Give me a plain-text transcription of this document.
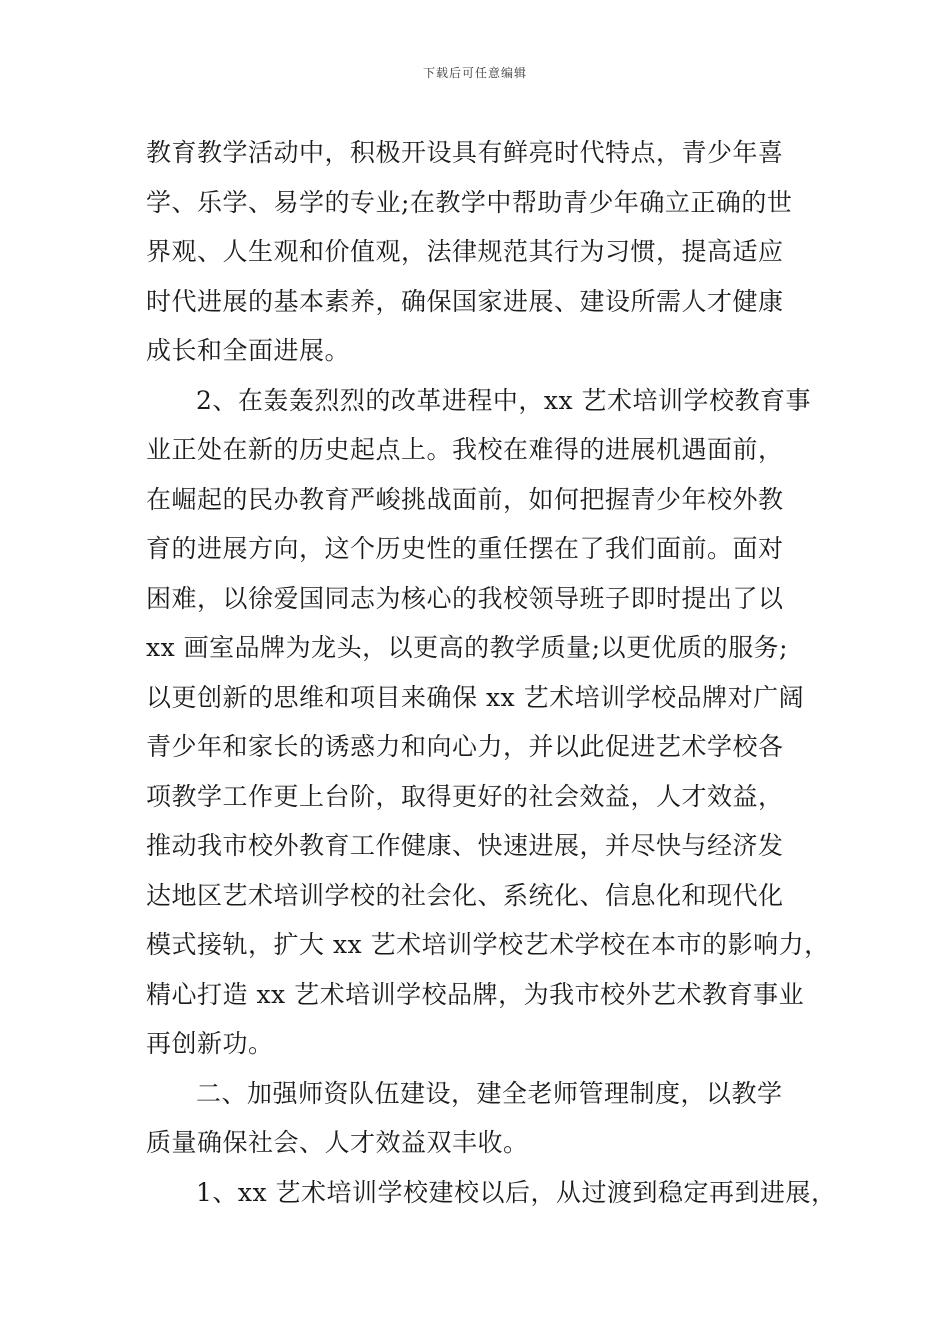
下载后可任意编辑
教育教学活动中，积极开设具有鲜亮时代特点，青少年喜
学、乐学、易学的专业;在教学中帮助青少年确立正确的世
界观、人生观和价值观，法律规范其行为习惯，提高适应
时代进展的基本素养，确保国家进展、建设所需人才健康
成长和全面进展。
2、在轰轰烈烈的改革进程中，xx 艺术培训学校教育事
业正处在新的历史起点上。我校在难得的进展机遇面前，
在崛起的民办教育严峻挑战面前，如何把握青少年校外教
育的进展方向，这个历史性的重任摆在了我们面前。面对
困难，以徐爱国同志为核心的我校领导班子即时提出了以
xx 画室品牌为龙头，以更高的教学质量;以更优质的服务;
以更创新的思维和项目来确保 xx 艺术培训学校品牌对广阔
青少年和家长的诱惑力和向心力，并以此促进艺术学校各
项教学工作更上台阶，取得更好的社会效益，人才效益，
推动我市校外教育工作健康、快速进展，并尽快与经济发
达地区艺术培训学校的社会化、系统化、信息化和现代化
模式接轨，扩大 xx 艺术培训学校艺术学校在本市的影响力，
精心打造 xx 艺术培训学校品牌，为我市校外艺术教育事业
再创新功。
二、加强师资队伍建设，建全老师管理制度，以教学
质量确保社会、人才效益双丰收。
1、xx 艺术培训学校建校以后，从过渡到稳定再到进展，
